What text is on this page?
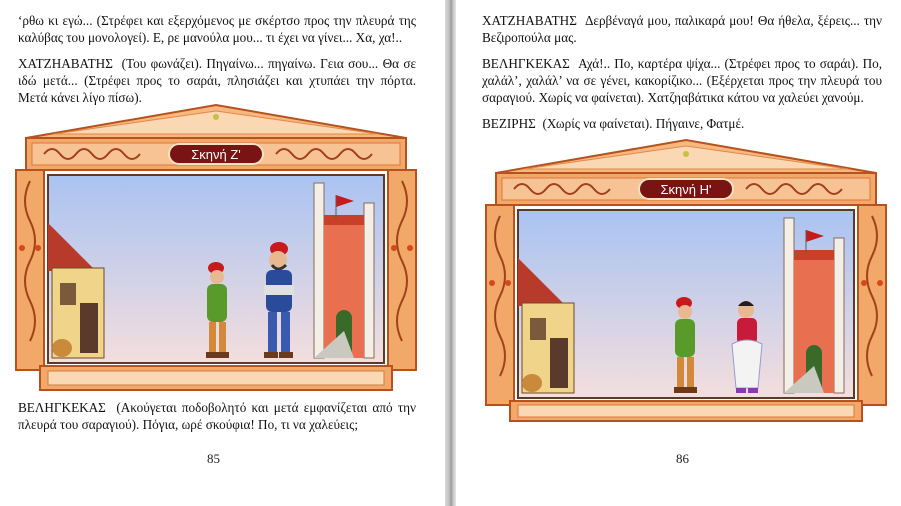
‘ρθω κι εγώ... (Στρέφει και εξερχόμενος με σκέρτσο προς την πλευρά της καλύβας του μονολογεί). Ε, ρε μανούλα μου... τι έχει να γίνει... Χα, χα!..

ΧΑΤΖΗΑΒΑΤΗΣ (Του φωνάζει). Πηγαίνω... πηγαίνω. Γεια σου... Θα σε ιδώ μετά... (Στρέφει προς το σαράι, πλησιάζει και χτυπάει την πόρτα. Μετά κάνει λίγο πίσω).

Σκηνή Ζ'

ΒΕΛΗΓΚΕΚΑΣ (Ακούγεται ποδοβολητό και μετά εμφανίζεται από την πλευρά του σαραγιού). Πόγια, ωρέ σκούφια! Πο, τι να χαλεύεις;

85

ΧΑΤΖΗΑΒΑΤΗΣ Δερβέναγά μου, παλικαρά μου! Θα ήθελα, ξέρεις... την Βεζιροπούλα μας.

ΒΕΛΗΓΚΕΚΑΣ Αχά!.. Πο, καρτέρα ψίχα... (Στρέφει προς το σαράι). Πο, χαλάλ’, χαλάλ’ να σε γένει, κακορίζικο... (Εξέρχεται προς την πλευρά του σαραγιού. Χωρίς να φαίνεται). Χατζηαβάτικα κάτου να χαλεύει χανούμ.

ΒΕΖΙΡΗΣ (Χωρίς να φαίνεται). Πήγαινε, Φατμέ.

Σκηνή Η'
86
